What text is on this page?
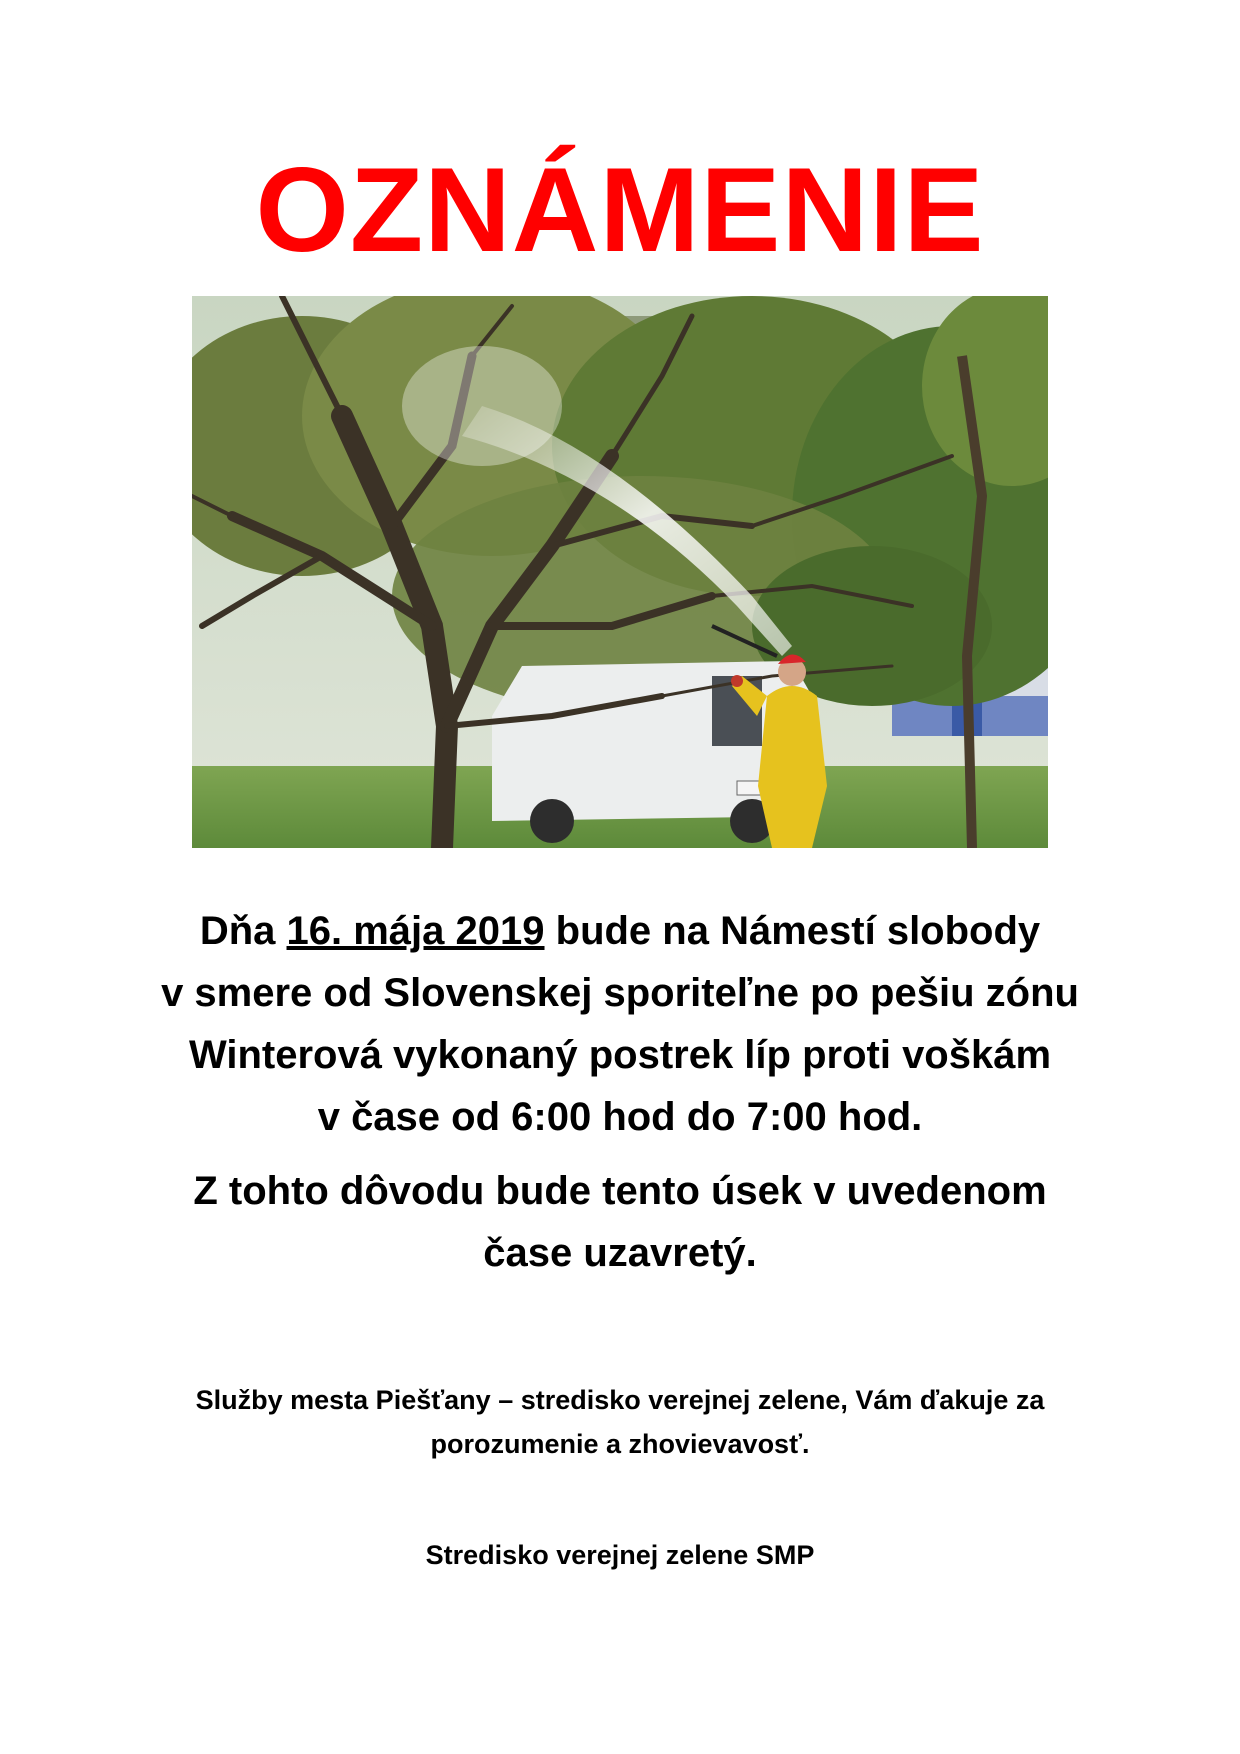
OZNÁMENIE
Dňa 16. mája 2019 bude na Námestí slobody
v smere od Slovenskej sporiteľne po pešiu zónu
Winterová vykonaný postrek líp proti voškám
v čase od 6:00 hod do 7:00 hod.
Z tohto dôvodu bude tento úsek v uvedenom
čase uzavretý.
Služby mesta Piešťany – stredisko verejnej zelene, Vám ďakuje za
porozumenie a zhovievavosť.
Stredisko verejnej zelene SMP
